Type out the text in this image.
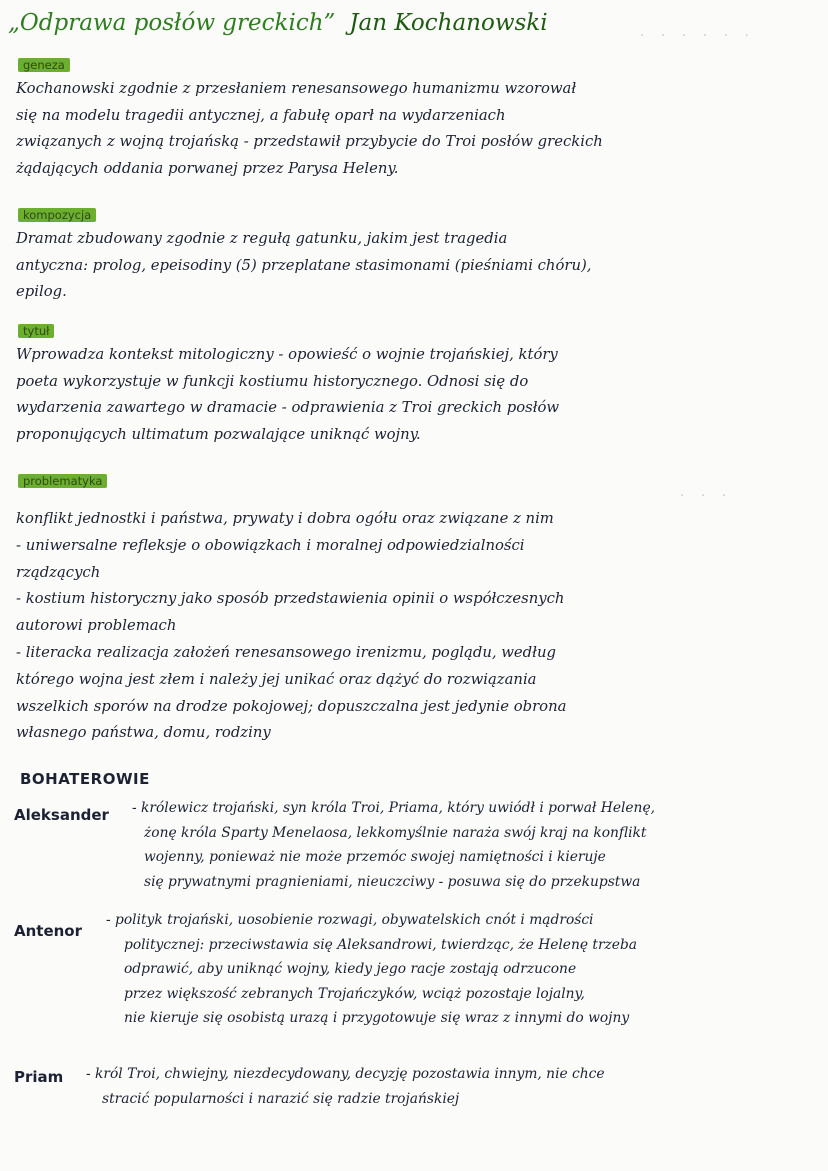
„Odprawa posłów greckich” Jan Kochanowski	· · · · · ·
geneza
Kochanowski zgodnie z przesłaniem renesansowego humanizmu wzorował
się na modelu tragedii antycznej, a fabułę oparł na wydarzeniach
związanych z wojną trojańską - przedstawił przybycie do Troi posłów greckich
żądających oddania porwanej przez Parysa Heleny.
kompozycja
Dramat zbudowany zgodnie z regułą gatunku, jakim jest tragedia
antyczna: prolog, epeisodiny (5) przeplatane stasimonami (pieśniami chóru),
epilog.
tytuł
Wprowadza kontekst mitologiczny - opowieść o wojnie trojańskiej, który
poeta wykorzystuje w funkcji kostiumu historycznego. Odnosi się do
wydarzenia zawartego w dramacie - odprawienia z Troi greckich posłów
proponujących ultimatum pozwalające uniknąć wojny.
problematyka
· · ·
konflikt jednostki i państwa, prywaty i dobra ogółu oraz związane z nim
- uniwersalne refleksje o obowiązkach i moralnej odpowiedzialności
rządzących
- kostium historyczny jako sposób przedstawienia opinii o współczesnych
autorowi problemach
- literacka realizacja założeń renesansowego irenizmu, poglądu, według
którego wojna jest złem i należy jej unikać oraz dążyć do rozwiązania
wszelkich sporów na drodze pokojowej; dopuszczalna jest jedynie obrona
własnego państwa, domu, rodziny
BOHATEROWIE
Aleksander - królewicz trojański, syn króla Troi, Priama, który uwiódł i porwał Helenę,
żonę króla Sparty Menelaosa, lekkomyślnie naraża swój kraj na konflikt
wojenny, ponieważ nie może przemóc swojej namiętności i kieruje
się prywatnymi pragnieniami, nieuczciwy - posuwa się do przekupstwa
Antenor
- polityk trojański, uosobienie rozwagi, obywatelskich cnót i mądrości
politycznej: przeciwstawia się Aleksandrowi, twierdząc, że Helenę trzeba
odprawić, aby uniknąć wojny, kiedy jego racje zostają odrzucone
przez większość zebranych Trojańczyków, wciąż pozostaje lojalny,
nie kieruje się osobistą urazą i przygotowuje się wraz z innymi do wojny
Priam - król Troi, chwiejny, niezdecydowany, decyzję pozostawia innym, nie chce
stracić popularności i narazić się radzie trojańskiej
